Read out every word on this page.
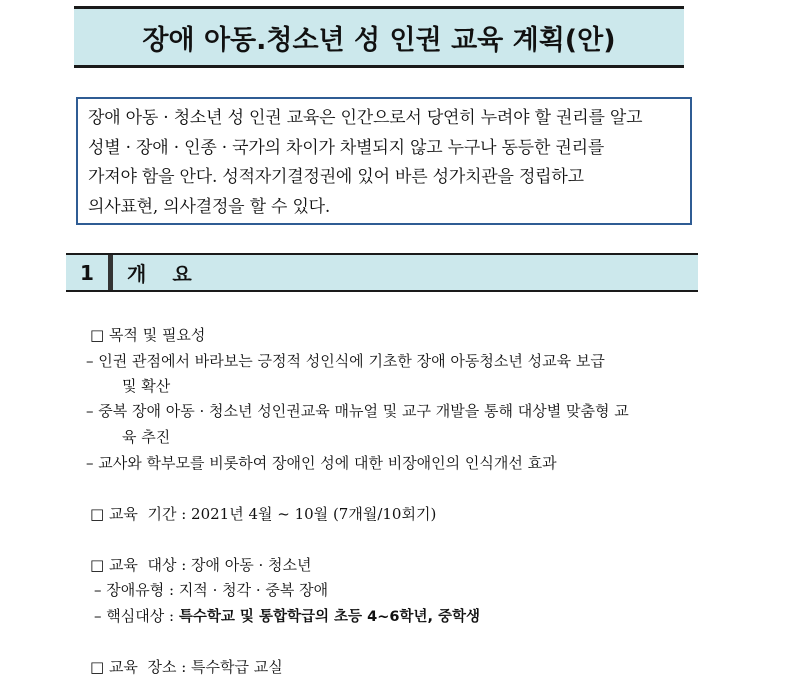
장애 아동.청소년 성 인권 교육 계획(안)
장애 아동 · 청소년 성 인권 교육은 인간으로서 당연히 누려야 할 권리를 알고
성별 · 장애 · 인종 · 국가의 차이가 차별되지 않고 누구나 동등한 권리를
가져야 함을 안다. 성적자기결정권에 있어 바른 성가치관을 정립하고
의사표현, 의사결정을 할 수 있다.
1	개요
□ 목적 및 필요성
– 인권 관점에서 바라보는 긍정적 성인식에 기초한 장애 아동청소년 성교육 보급
및 확산
– 중복 장애 아동 · 청소년 성인권교육 매뉴얼 및 교구 개발을 통해 대상별 맞춤형 교
육 추진
– 교사와 학부모를 비롯하여 장애인 성에 대한 비장애인의 인식개선 효과
□ 교육  기간 : 2021년 4월 ~ 10월 (7개월/10회기)
□ 교육  대상 : 장애 아동 · 청소년
– 장애유형 : 지적 · 청각 · 중복 장애
– 핵심대상 : 특수학교 및 통합학급의 초등 4~6학년, 중학생
□ 교육  장소 : 특수학급 교실
